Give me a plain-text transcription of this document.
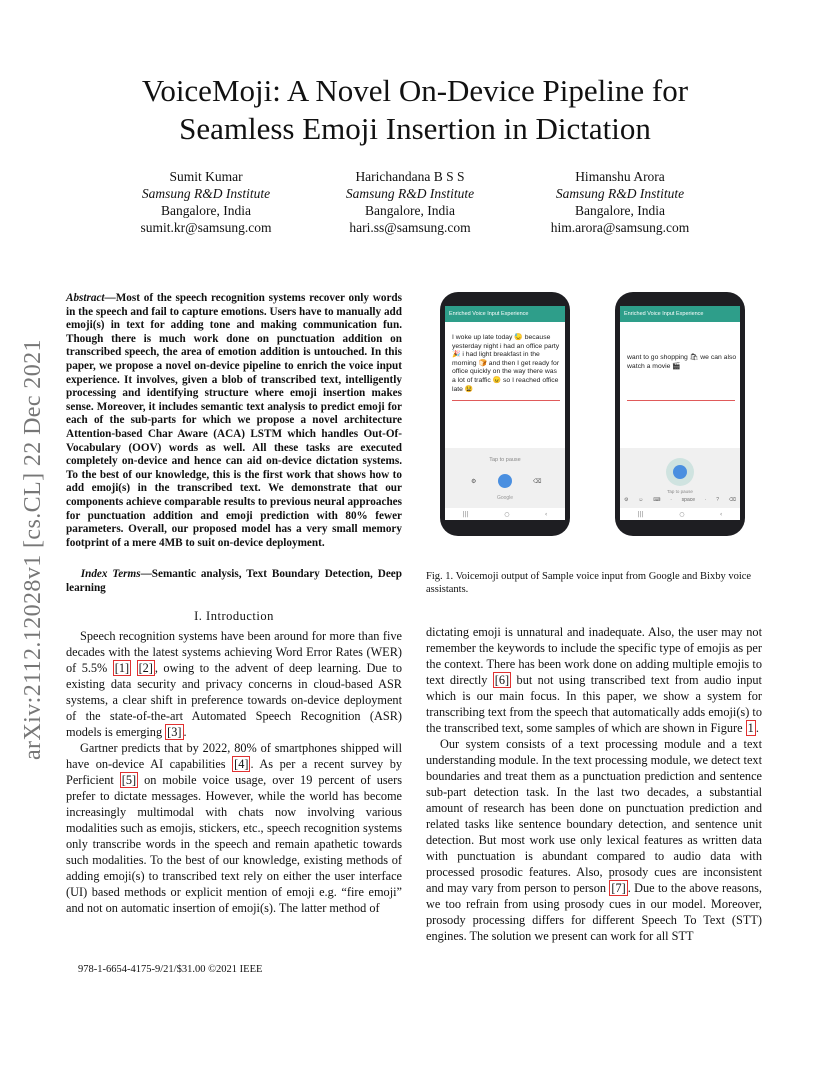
VoiceMoji: A Novel On-Device Pipeline for
Seamless Emoji Insertion in Dictation
Sumit Kumar
Samsung R&D Institute
Bangalore, India
sumit.kr@samsung.com
Harichandana B S S
Samsung R&D Institute
Bangalore, India
hari.ss@samsung.com
Himanshu Arora
Samsung R&D Institute
Bangalore, India
him.arora@samsung.com
arXiv:2112.12028v1 [cs.CL] 22 Dec 2021
Abstract—Most of the speech recognition systems recover only words in the speech and fail to capture emotions. Users have to manually add emoji(s) in text for adding tone and making communication fun. Though there is much work done on punctuation addition on transcribed speech, the area of emotion addition is untouched. In this paper, we propose a novel on-device pipeline to enrich the voice input experience. It involves, given a blob of transcribed text, intelligently processing and identifying structure where emoji insertion makes sense. Moreover, it includes semantic text analysis to predict emoji for each of the sub-parts for which we propose a novel architecture Attention-based Char Aware (ACA) LSTM which handles Out-Of-Vocabulary (OOV) words as well. All these tasks are executed completely on-device and hence can aid on-device dictation systems. To the best of our knowledge, this is the first work that shows how to add emoji(s) in the transcribed text. We demonstrate that our components achieve comparable results to previous neural approaches for punctuation addition and emoji prediction with 80% fewer parameters. Overall, our proposed model has a very small memory footprint of a mere 4MB to suit on-device deployment.
Index Terms—Semantic analysis, Text Boundary Detection, Deep learning
I. Introduction

Speech recognition systems have been around for more than five decades with the latest systems achieving Word Error Rates (WER) of 5.5% [1] [2] , owing to the advent of deep learning. Due to existing data security and privacy concerns in cloud-based ASR systems, a clear shift in preference towards on-device deployment of the state-of-the-art Automated Speech Recognition (ASR) models is emerging [3] .

Gartner predicts that by 2022, 80% of smartphones shipped will have on-device AI capabilities [4] . As per a recent survey by Perficient [5] on mobile voice usage, over 19 percent of users prefer to dictate messages. However, while the world has become increasingly multimodal with chats now involving various modalities such as emojis, stickers, etc., speech recognition systems only transcribe words in the speech and remain apathetic towards such modalities. To the best of our knowledge, existing methods of adding emoji(s) to transcribed text rely on either the user interface (UI) based methods or explicit mention of emoji e.g. “fire emoji” and not on automatic insertion of emoji(s). The latter method of

dictating emoji is unnatural and inadequate. Also, the user may not remember the keywords to include the specific type of emojis as per the context. There has been work done on adding multiple emojis to text directly [6] but not using transcribed text from audio input which is our main focus. In this paper, we show a system for transcribing text from the speech that automatically adds emoji(s) to the transcribed text, some samples of which are shown in Figure 1 .

Our system consists of a text processing module and a text understanding module. In the text processing module, we detect text boundaries and treat them as a punctuation prediction and sentence sub-part detection task. In the last two decades, a substantial amount of research has been done on punctuation prediction and related tasks like sentence boundary detection, and sentence unit detection. But most work use only lexical features as written data with punctuation is abundant compared to audio data with processed prosodic features. Also, prosody cues are inconsistent and may vary from person to person [7] . Due to the above reasons, we too refrain from using prosody cues in our model. Moreover, prosody processing differs for different Speech To Text (STT) engines. The solution we present can work for all STT

978-1-6654-4175-9/21/$31.00 ©2021 IEEE
Enriched Voice Input Experience
I woke up late today 😓 because yesterday night i had an office party 🎉 i had light breakfast in the morning 🍞 and then I get ready for office quickly on the way there was a lot of traffic 😠 so I reached office late 😫
Tap to pause
⚙	⌫
Google
|||	○	‹
Enriched Voice Input Experience
want to go shopping 🛍 we can also watch a movie 🎬
Tap to pause
⚙ ☺ ⌨ · space · ? ⌫
|||	○	‹
Fig. 1. Voicemoji output of Sample voice input from Google and Bixby voice assistants.
